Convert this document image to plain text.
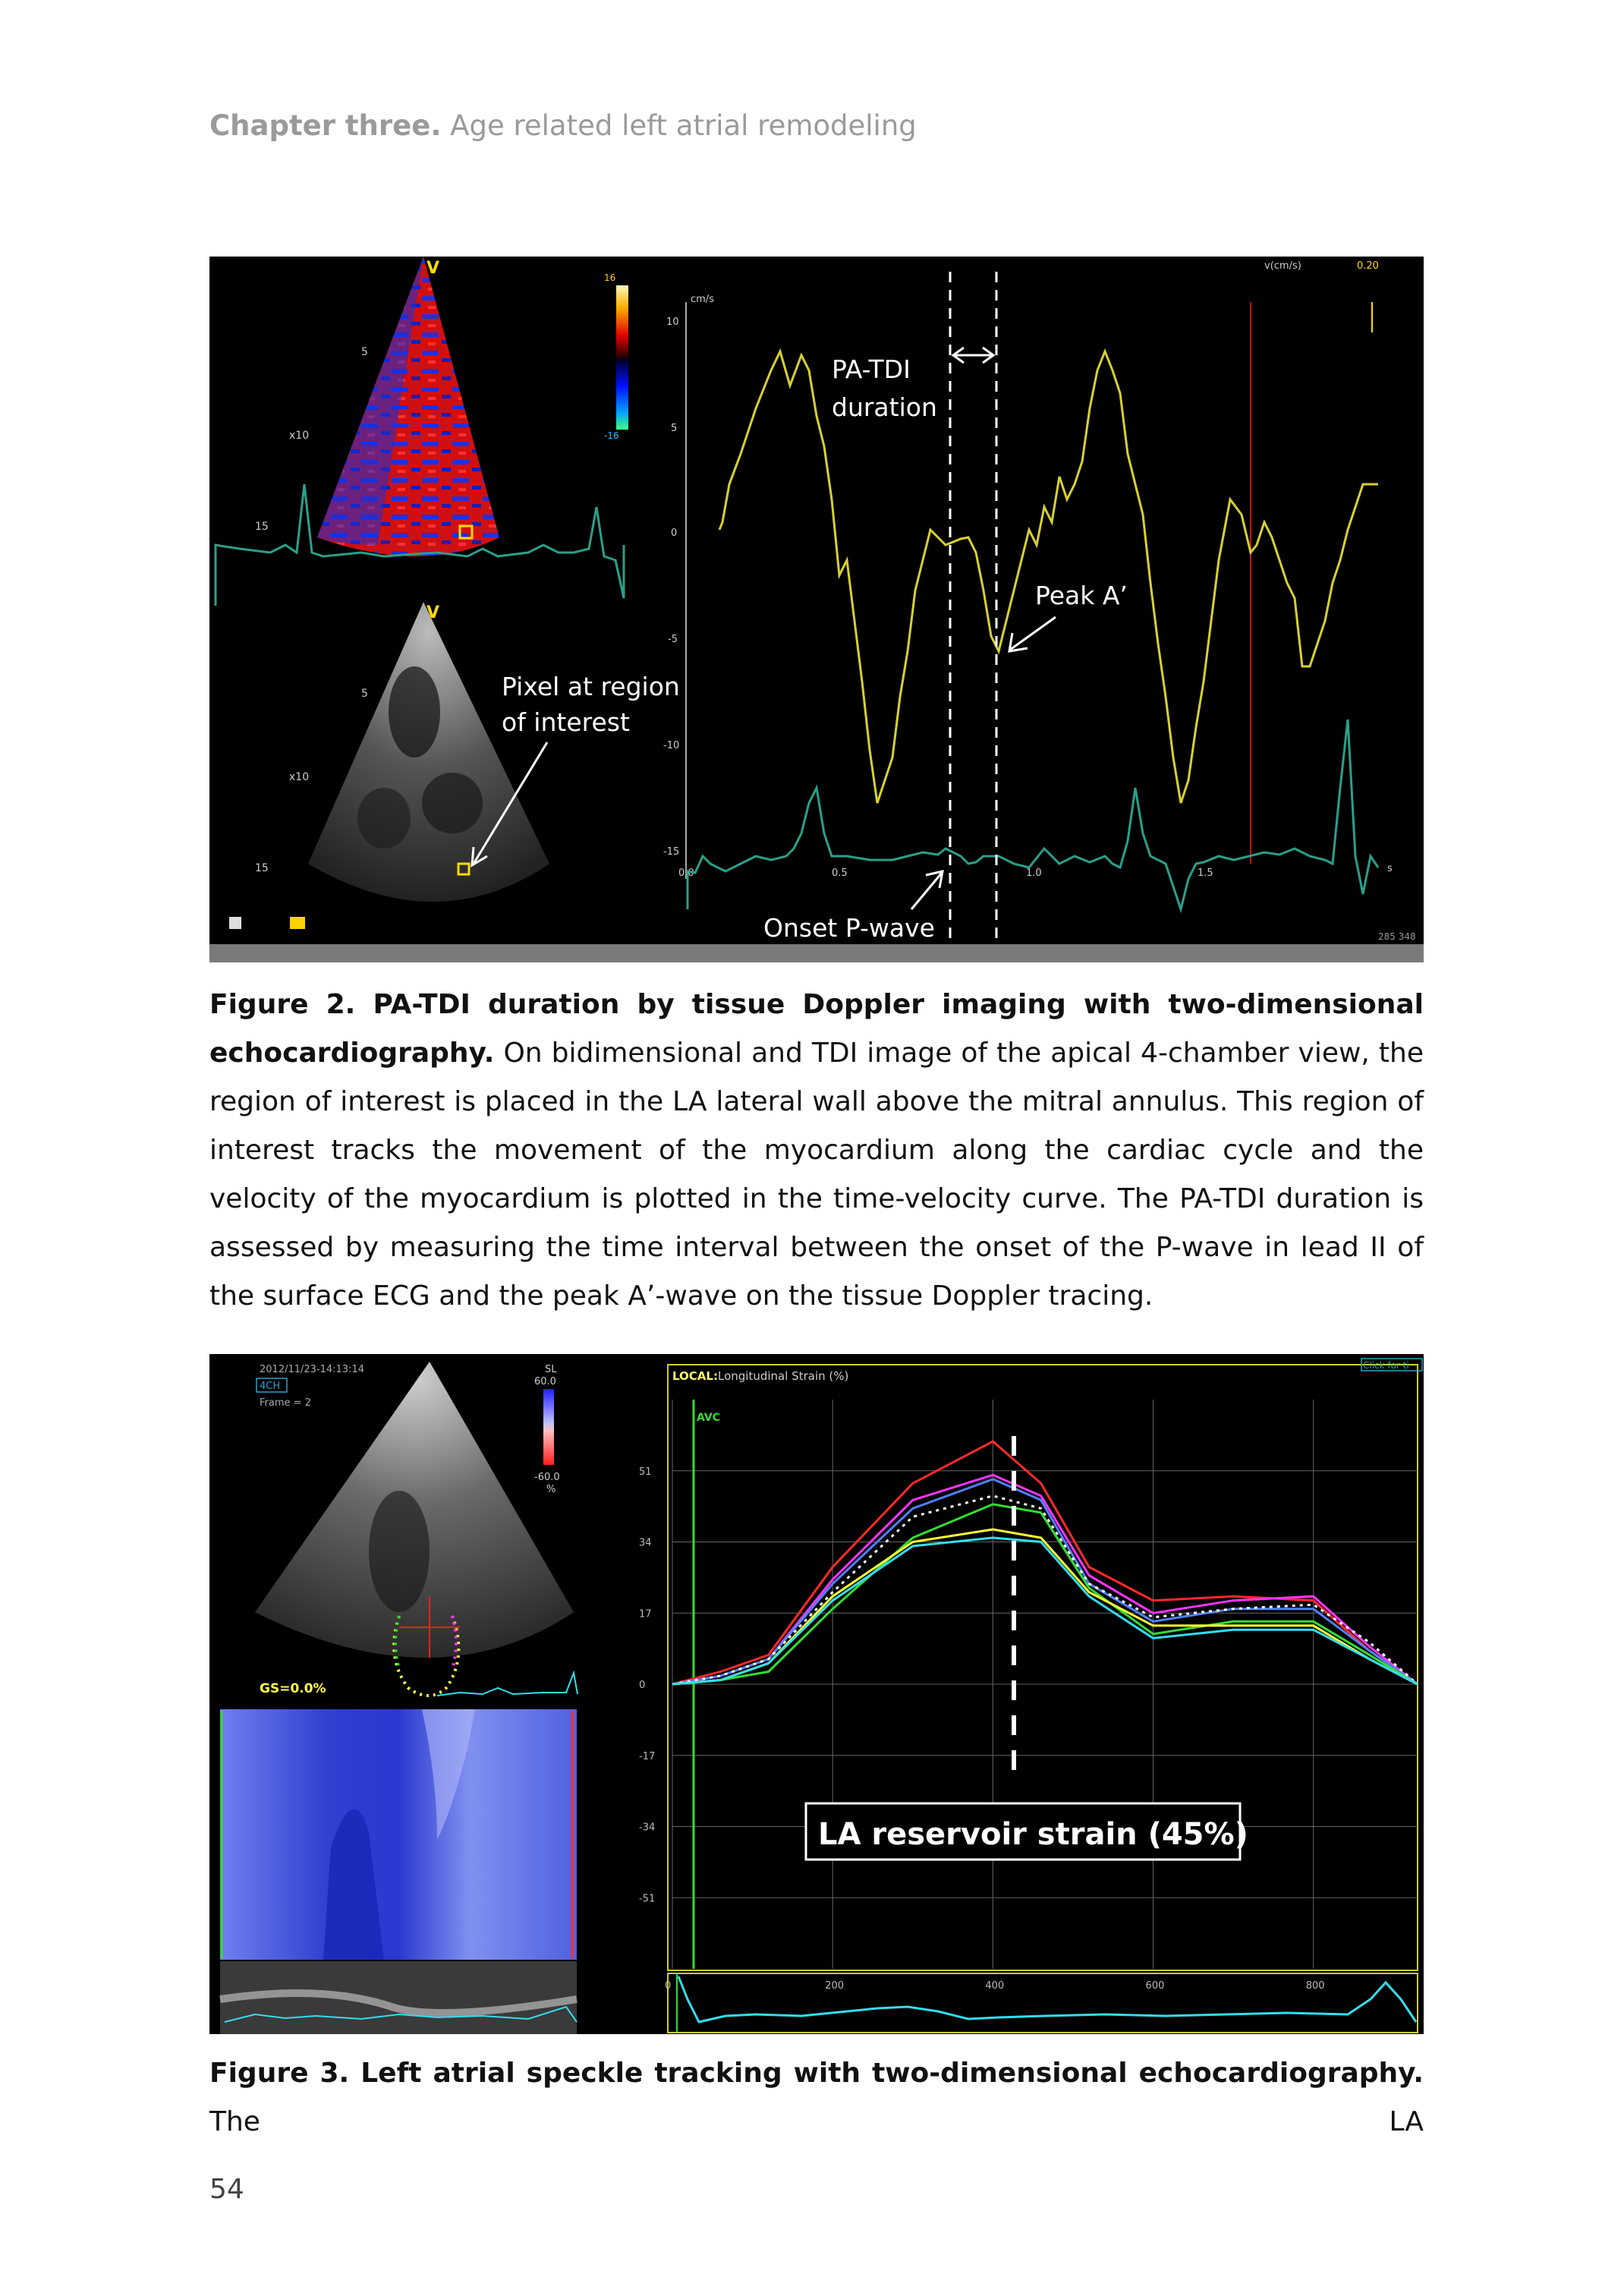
Chapter three. Age related left atrial remodeling
V
5
x10
15
16
-16
V
5
x10
15
Pixel at region
of interest
cm/s
v(cm/s)	0.20
10
5
0
-5
-10
-15
0.0	0.5	1.0	1.5	s
PA-TDI
duration
Peak A’
Onset P-wave	285 348
Figure 2. PA-TDI duration by tissue Doppler imaging with two-dimensional echocardiography. On bidimensional and TDI image of the apical 4-chamber view, the region of interest is placed in the LA lateral wall above the mitral annulus. This region of interest tracks the movement of the myocardium along the cardiac cycle and the velocity of the myocardium is plotted in the time-velocity curve. The PA-TDI duration is assessed by measuring the time interval between the onset of the P-wave in lead II of the surface ECG and the peak A’-wave on the tissue Doppler tracing.
2012/11/23-14:13:14
4CH
Frame = 2
SL
60.0
-60.0
%
GS=0.0%
LOCAL: Longitudinal Strain (%)
Click for ti
51
34
17
0
-17
-34
-51
0	200	400	600	800
AVC
LA reservoir strain (45%)
Figure 3. Left atrial speckle tracking with two-dimensional echocardiography. The LA
54
